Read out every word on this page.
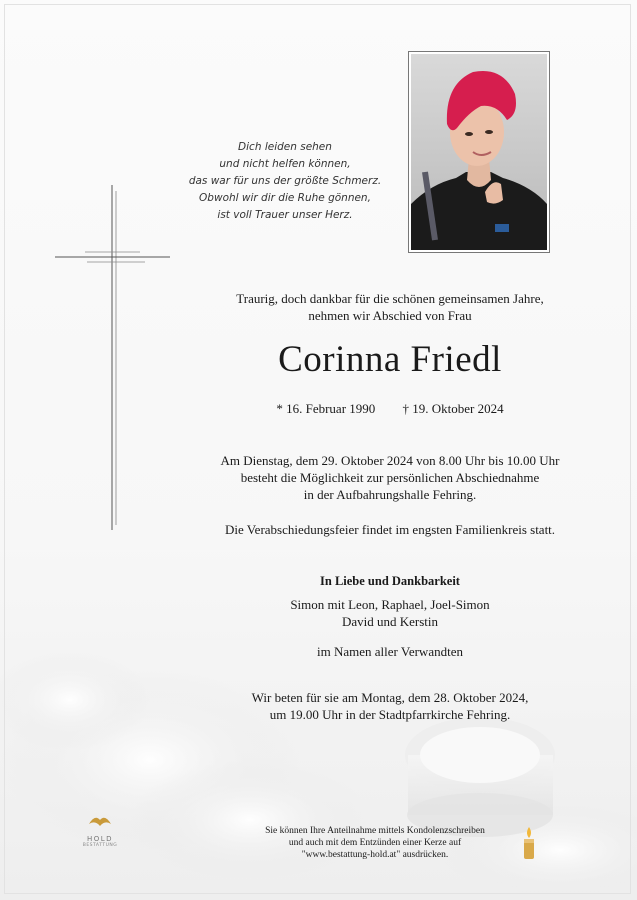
Dich leiden sehen
und nicht helfen können,
das war für uns der größte Schmerz.
Obwohl wir dir die Ruhe gönnen,
ist voll Trauer unser Herz.
Traurig, doch dankbar für die schönen gemeinsamen Jahre,
nehmen wir Abschied von Frau
Corinna Friedl
* 16. Februar 1990 † 19. Oktober 2024
Am Dienstag, dem 29. Oktober 2024 von 8.00 Uhr bis 10.00 Uhr
besteht die Möglichkeit zur persönlichen Abschiednahme
in der Aufbahrungshalle Fehring.
Die Verabschiedungsfeier findet im engsten Familienkreis statt.
In Liebe und Dankbarkeit
Simon mit Leon, Raphael, Joel-Simon
David und Kerstin
im Namen aller Verwandten
Wir beten für sie am Montag, dem 28. Oktober 2024,
um 19.00 Uhr in der Stadtpfarrkirche Fehring.
Sie können Ihre Anteilnahme mittels Kondolenzschreiben
und auch mit dem Entzünden einer Kerze auf
"www.bestattung-hold.at" ausdrücken.
HOLD
BESTATTUNG
